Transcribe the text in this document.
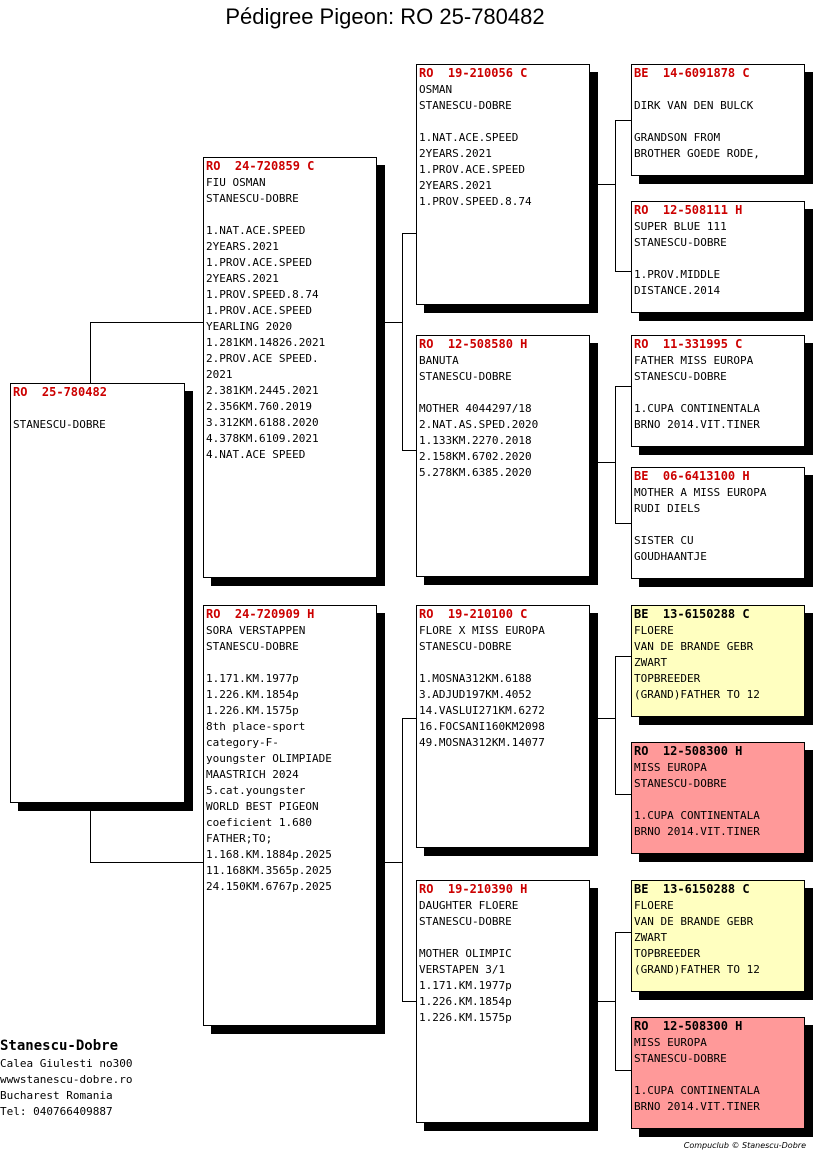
Pédigree Pigeon: RO 25-780482
RO  25-780482
STANESCU-DOBRE
RO  24-720859 C
FIU OSMAN
STANESCU-DOBRE
1.NAT.ACE.SPEED
2YEARS.2021
1.PROV.ACE.SPEED
2YEARS.2021
1.PROV.SPEED.8.74
1.PROV.ACE.SPEED
YEARLING 2020
1.281KM.14826.2021
2.PROV.ACE SPEED.
2021
2.381KM.2445.2021
2.356KM.760.2019
3.312KM.6188.2020
4.378KM.6109.2021
4.NAT.ACE SPEED
RO  24-720909 H
SORA VERSTAPPEN
STANESCU-DOBRE
1.171.KM.1977p
1.226.KM.1854p
1.226.KM.1575p
8th place-sport
category-F-
youngster OLIMPIADE
MAASTRICH 2024
5.cat.youngster
WORLD BEST PIGEON
coeficient 1.680
FATHER;TO;
1.168.KM.1884p.2025
11.168KM.3565p.2025
24.150KM.6767p.2025
RO  19-210056 C
OSMAN
STANESCU-DOBRE
1.NAT.ACE.SPEED
2YEARS.2021
1.PROV.ACE.SPEED
2YEARS.2021
1.PROV.SPEED.8.74
RO  12-508580 H
BANUTA
STANESCU-DOBRE
MOTHER 4044297/18
2.NAT.AS.SPED.2020
1.133KM.2270.2018
2.158KM.6702.2020
5.278KM.6385.2020
RO  19-210100 C
FLORE X MISS EUROPA
STANESCU-DOBRE
1.MOSNA312KM.6188
3.ADJUD197KM.4052
14.VASLUI271KM.6272
16.FOCSANI160KM2098
49.MOSNA312KM.14077
RO  19-210390 H
DAUGHTER FLOERE
STANESCU-DOBRE
MOTHER OLIMPIC
VERSTAPEN 3/1
1.171.KM.1977p
1.226.KM.1854p
1.226.KM.1575p
BE  14-6091878 C
DIRK VAN DEN BULCK
GRANDSON FROM
BROTHER GOEDE RODE,
RO  12-508111 H
SUPER BLUE 111
STANESCU-DOBRE
1.PROV.MIDDLE
DISTANCE.2014
RO  11-331995 C
FATHER MISS EUROPA
STANESCU-DOBRE
1.CUPA CONTINENTALA
BRNO 2014.VIT.TINER
BE  06-6413100 H
MOTHER A MISS EUROPA
RUDI DIELS
SISTER CU
GOUDHAANTJE
BE  13-6150288 C
FLOERE
VAN DE BRANDE GEBR
ZWART
TOPBREEDER
(GRAND)FATHER TO 12
RO  12-508300 H
MISS EUROPA
STANESCU-DOBRE
1.CUPA CONTINENTALA
BRNO 2014.VIT.TINER
BE  13-6150288 C
FLOERE
VAN DE BRANDE GEBR
ZWART
TOPBREEDER
(GRAND)FATHER TO 12
RO  12-508300 H
MISS EUROPA
STANESCU-DOBRE
1.CUPA CONTINENTALA
BRNO 2014.VIT.TINER
Stanescu-Dobre
Calea Giulesti no300
wwwstanescu-dobre.ro
Bucharest Romania
Tel: 040766409887
Compuclub © Stanescu-Dobre
